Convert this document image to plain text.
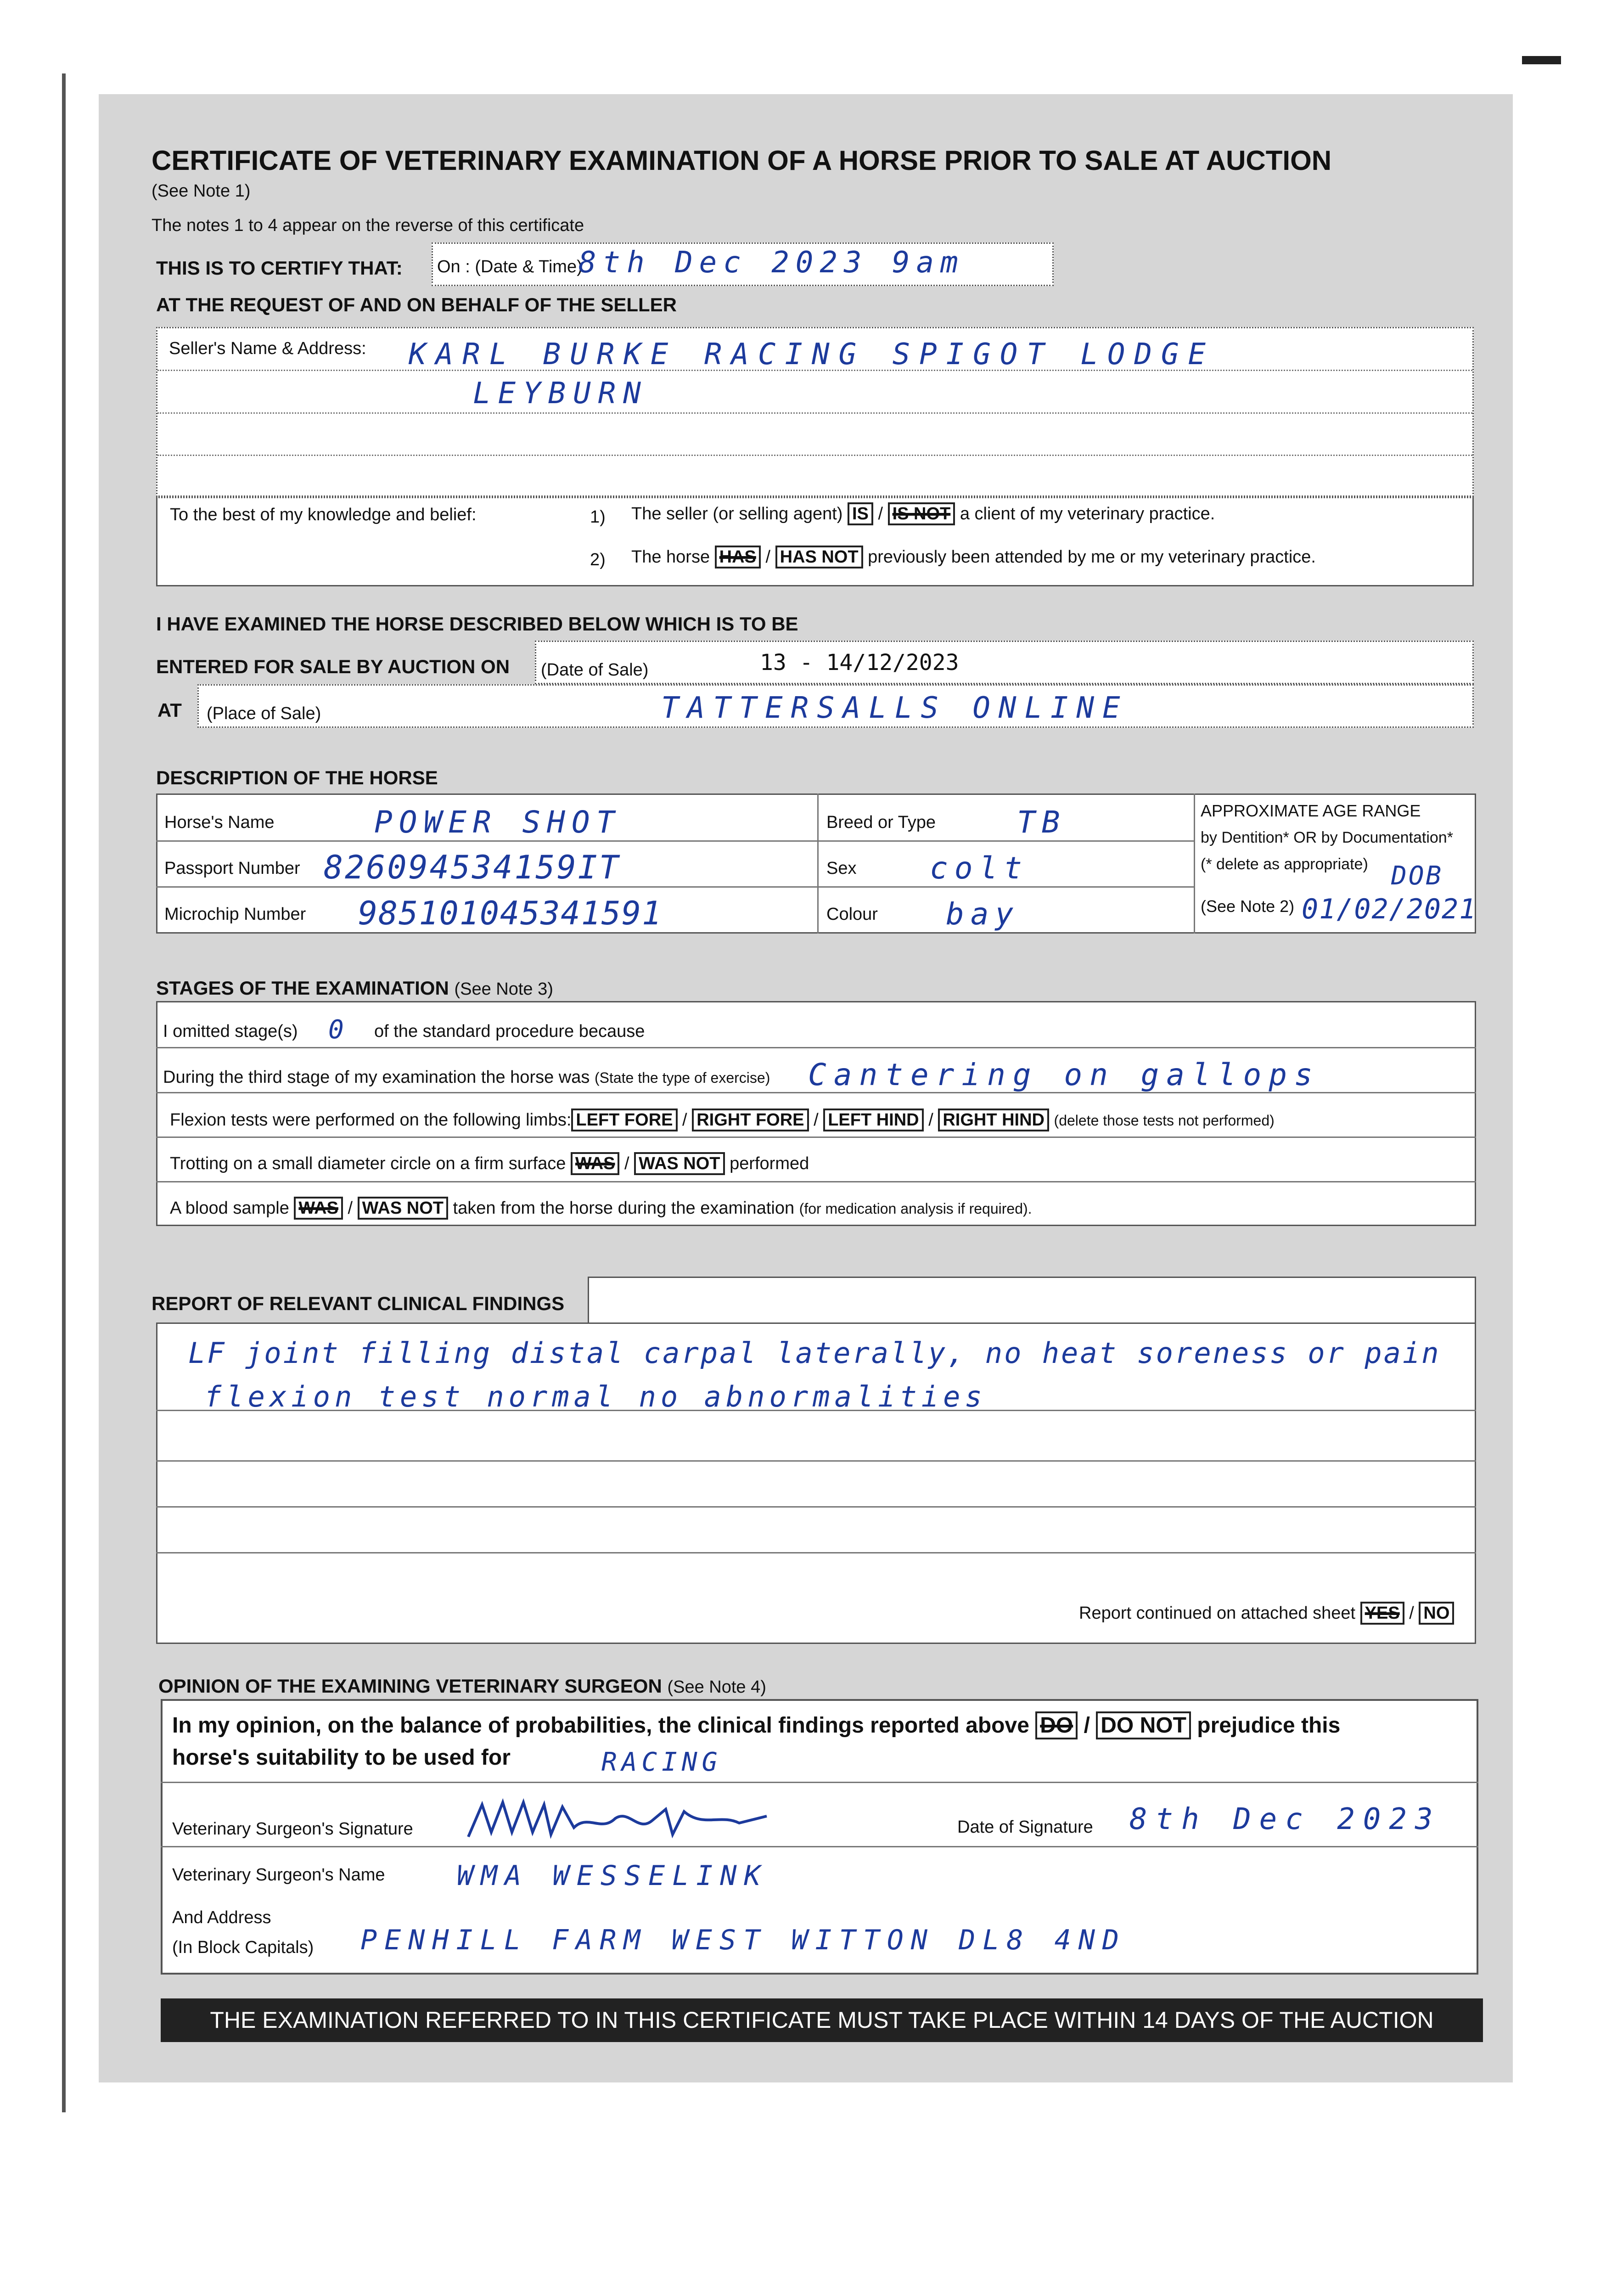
CERTIFICATE OF VETERINARY EXAMINATION OF A HORSE PRIOR TO SALE AT AUCTION
(See Note 1)
The notes 1 to 4 appear on the reverse of this certificate
THIS IS TO CERTIFY THAT: On : (Date & Time)
8th Dec 2023 9am
AT THE REQUEST OF AND ON BEHALF OF THE SELLER
Seller's Name & Address: KARL BURKE RACING SPIGOT LODGE
LEYBURN
To the best of my knowledge and belief:	1) The seller (or selling agent) IS / IS NOT a client of my veterinary practice.
2) The horse HAS / HAS NOT previously been attended by me or my veterinary practice.
I HAVE EXAMINED THE HORSE DESCRIBED BELOW WHICH IS TO BE
ENTERED FOR SALE BY AUCTION ON (Date of Sale)	13 - 14/12/2023
AT (Place of Sale)	TATTERSALLS ONLINE
DESCRIPTION OF THE HORSE
Horse's Name	POWER SHOT
Passport Number 826094534159IT
Microchip Number 985101045341591
Breed or Type	TB
Sex colt
Colour bay
APPROXIMATE AGE RANGE
by Dentition* OR by Documentation*
(* delete as appropriate)
(See Note 2)
DOB
01/02/2021
STAGES OF THE EXAMINATION (See Note 3)
I omitted stage(s) 0 of the standard procedure because
During the third stage of my examination the horse was (State the type of exercise) Cantering on gallops
Flexion tests were performed on the following limbs: LEFT FORE / RIGHT FORE / LEFT HIND / RIGHT HIND (delete those tests not performed)
Trotting on a small diameter circle on a firm surface WAS / WAS NOT performed
A blood sample WAS / WAS NOT taken from the horse during the examination (for medication analysis if required).
REPORT OF RELEVANT CLINICAL FINDINGS
LF joint filling distal carpal laterally, no heat soreness or pain
flexion test normal no abnormalities
Report continued on attached sheet YES / NO
OPINION OF THE EXAMINING VETERINARY SURGEON (See Note 4)
In my opinion, on the balance of probabilities, the clinical findings reported above DO / DO NOT prejudice this
horse's suitability to be used for	RACING
Veterinary Surgeon's Signature	Date of Signature 8th Dec 2023
Veterinary Surgeon's Name	WMA WESSELINK
And Address
(In Block Capitals) PENHILL FARM WEST WITTON DL8 4ND
THE EXAMINATION REFERRED TO IN THIS CERTIFICATE MUST TAKE PLACE WITHIN 14 DAYS OF THE AUCTION
